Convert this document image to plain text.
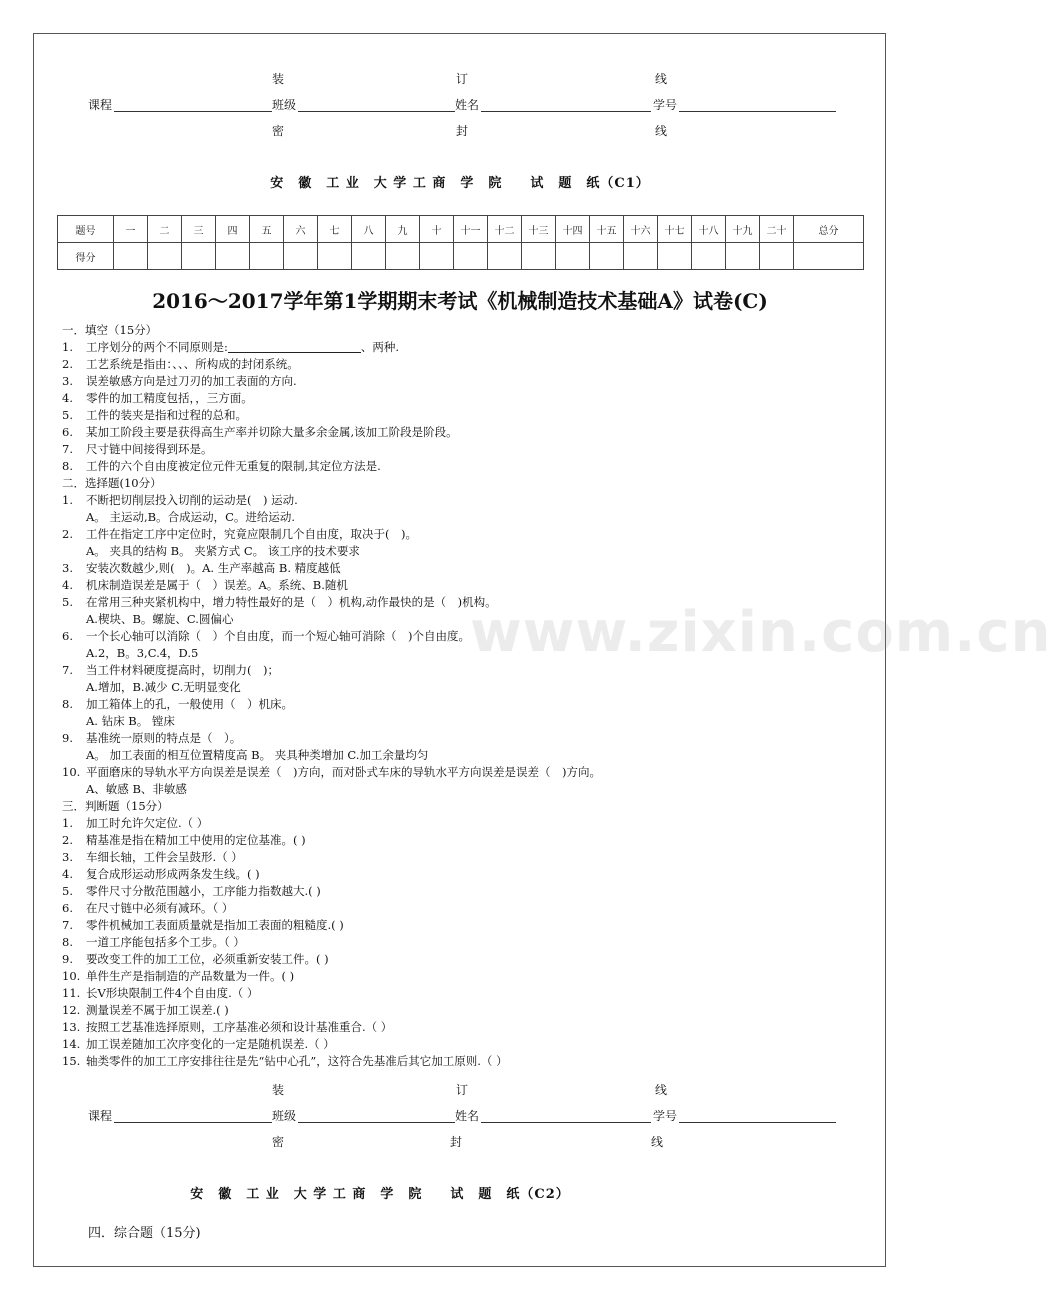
装	订	线
课程	班级	姓名	学号
密	封	线
安　徽　工 业　大 学 工 商　学　院　　试　题　纸（C1）
题号	一	二	三	四	五	六	七	八	九	十	十一	十二	十三	十四	十五	十六	十七	十八	十九	二十	总分
得分																					
2016～2017学年第1学期期末考试《机械制造技术基础A》试卷(C)
一．填空（15分）
1. 工序划分的两个不同原则是:	、两种.
2. 工艺系统是指由：、、、所构成的封闭系统。
3. 误差敏感方向是过刀刃的加工表面的方向.
4. 零件的加工精度包括，，三方面。
5. 工件的装夹是指和过程的总和。
6. 某加工阶段主要是获得高生产率并切除大量多余金属,该加工阶段是阶段。
7. 尺寸链中间接得到环是。
8. 工件的六个自由度被定位元件无重复的限制,其定位方法是.
二．选择题(10分）
1. 不断把切削层投入切削的运动是(　) 运动.
A。 主运动,B。合成运动，C。进给运动.
2. 工件在指定工序中定位时，究竟应限制几个自由度，取决于(　)。
A。 夹具的结构 B。 夹紧方式 C。 该工序的技术要求
3. 安装次数越少,则(　)。A. 生产率越高 B. 精度越低
4. 机床制造误差是属于（　）误差。A。系统、B.随机
5. 在常用三种夹紧机构中，增力特性最好的是（　）机构,动作最快的是（　)机构。
A.楔块、B。螺旋、C.圆偏心
6. 一个长心轴可以消除（　）个自由度，而一个短心轴可消除（　)个自由度。
A.2，B。3,C.4，D.5
7. 当工件材料硬度提高时，切削力(　)；
A.增加，B.减少 C.无明显变化
8. 加工箱体上的孔，一般使用（　）机床。
A. 钻床 B。 镗床
9. 基准统一原则的特点是（　）。
A。 加工表面的相互位置精度高 B。 夹具种类增加 C.加工余量均匀
10. 平面磨床的导轨水平方向误差是误差（　)方向，而对卧式车床的导轨水平方向误差是误差（　)方向。
A、敏感 B、非敏感
三．判断题（15分）
1. 加工时允许欠定位.（ ）
2. 精基准是指在精加工中使用的定位基准。( )
3. 车细长轴，工件会呈鼓形.（ ）
4. 复合成形运动形成两条发生线。( )
5. 零件尺寸分散范围越小，工序能力指数越大.( )
6. 在尺寸链中必须有减环。（ ）
7. 零件机械加工表面质量就是指加工表面的粗糙度.( )
8. 一道工序能包括多个工步。（ ）
9. 要改变工件的加工工位，必须重新安装工件。( )
10. 单件生产是指制造的产品数量为一件。( )
11. 长V形块限制工件4个自由度.（ ）
12. 测量误差不属于加工误差.( )
13. 按照工艺基准选择原则，工序基准必须和设计基准重合.（ ）
14. 加工误差随加工次序变化的一定是随机误差.（ ）
15. 轴类零件的加工工序安排往往是先“钻中心孔”，这符合先基准后其它加工原则.（ ）
www.zixin.com.cn
装	订	线
课程	班级	姓名	学号
密	封	线
安　徽　工 业　大 学 工 商　学　院　　试　题　纸（C2）
四．综合题（15分)
